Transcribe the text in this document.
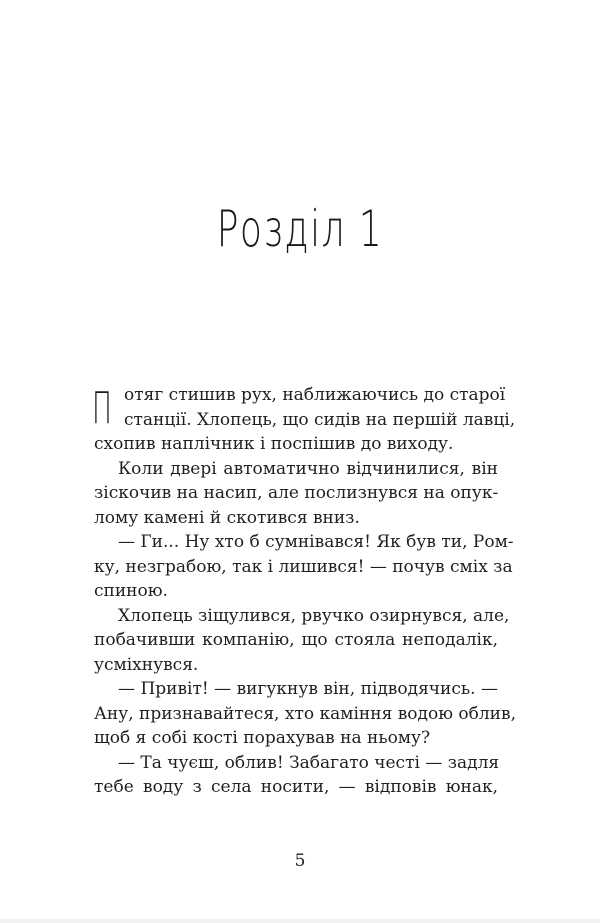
Розділ 1
П отяг стишив рух, наближаючись до старої
станції. Хлопець, що сидів на першій лавці,
схопив наплічник і поспішив до виходу.
Коли двері автоматично відчинилися, він
зіскочив на насип, але послизнувся на опук-
лому камені й скотився вниз.
— Ги... Ну хто б сумнівався! Як був ти, Ром-
ку, незграбою, так і лишився! — почув сміх за
спиною.
Хлопець зіщулився, рвучко озирнувся, але,
побачивши компанію, що стояла неподалік,
усміхнувся.
— Привіт! — вигукнув він, підводячись. —
Ану, признавайтеся, хто каміння водою облив,
щоб я собі кості порахував на ньому?
— Та чуєш, облив! Забагато честі — задля
тебе воду з села носити, — відповів юнак,
5
